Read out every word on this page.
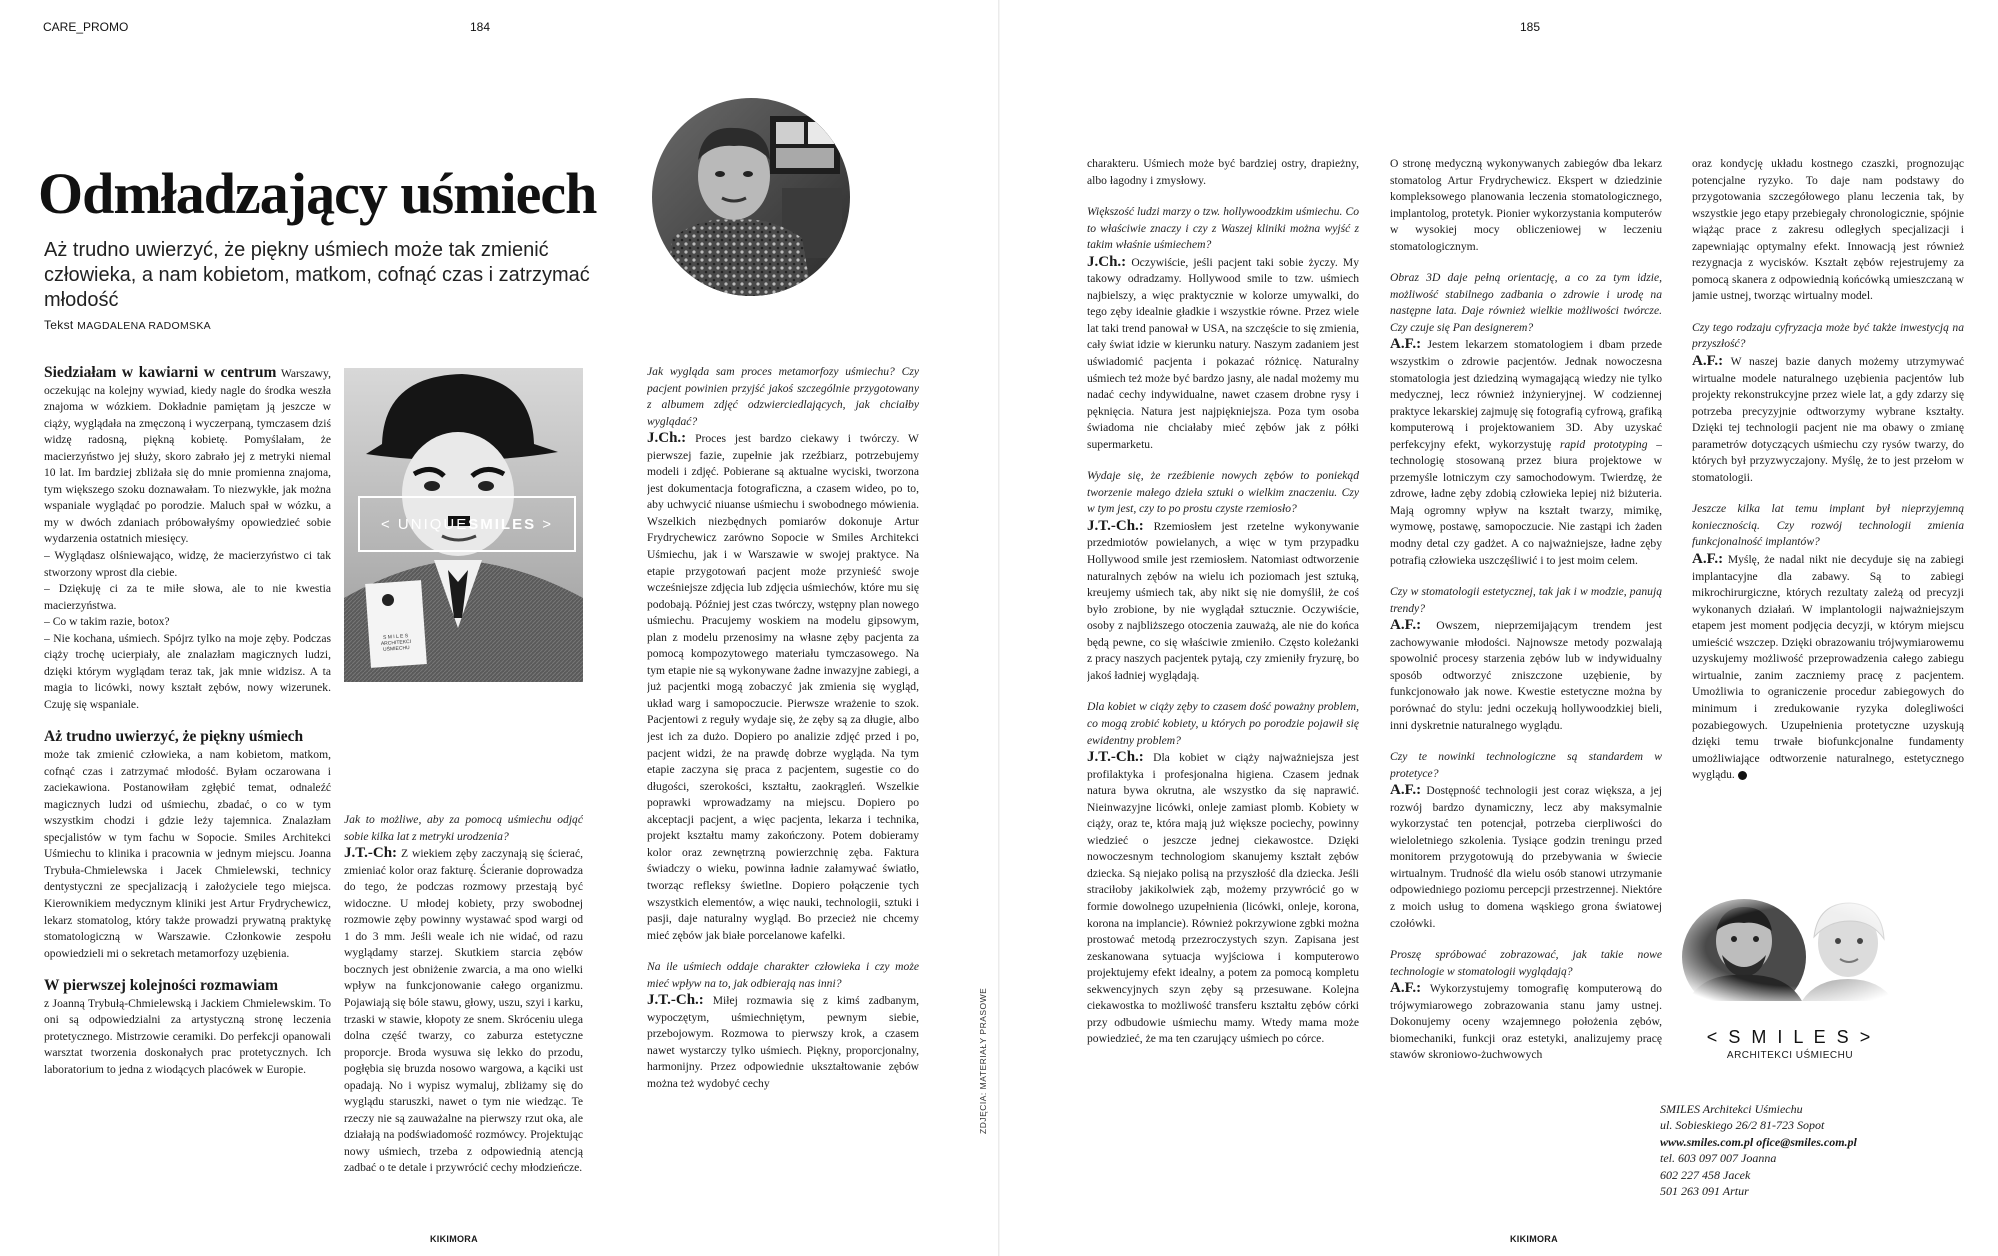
CARE_PROMO	184	185
Odmładzający uśmiech
Aż trudno uwierzyć, że piękny uśmiech może tak zmienić człowieka, a nam kobietom, matkom, cofnąć czas i zatrzymać młodość
Tekst MAGDALENA RADOMSKA

Siedziałam w kawiarni w centrum Warszawy, oczekując na kolejny wywiad, kiedy nagle do środka weszła znajoma w wózkiem. Dokładnie pamiętam ją jeszcze w ciąży, wyglądała na zmęczoną i wyczerpaną, tymczasem dziś widzę radosną, piękną kobietę. Pomyślałam, że macierzyństwo jej służy, skoro zabrało jej z metryki niemal 10 lat. Im bardziej zbliżała się do mnie promienna znajoma, tym większego szoku doznawałam. To niezwykłe, jak można wspaniale wyglądać po porodzie. Maluch spał w wózku, a my w dwóch zdaniach próbowałyśmy opowiedzieć sobie wydarzenia ostatnich miesięcy.

– Wyglądasz olśniewająco, widzę, że macierzyństwo ci tak stworzony wprost dla ciebie.

– Dziękuję ci za te miłe słowa, ale to nie kwestia macierzyństwa.

– Co w takim razie, botox?

– Nie kochana, uśmiech. Spójrz tylko na moje zęby. Podczas ciąży trochę ucierpiały, ale znalazłam magicznych ludzi, dzięki którym wyglądam teraz tak, jak mnie widzisz. A ta magia to licówki, nowy kształt zębów, nowy wizerunek. Czuję się wspaniale.

Aż trudno uwierzyć, że piękny uśmiech
może tak zmienić człowieka, a nam kobietom, matkom, cofnąć czas i zatrzymać młodość. Byłam oczarowana i zaciekawiona. Postanowiłam zgłębić temat, odnaleźć magicznych ludzi od uśmiechu, zbadać, o co w tym wszystkim chodzi i gdzie leży tajemnica. Znalazłam specjalistów w tym fachu w Sopocie. Smiles Architekci Uśmiechu to klinika i pracownia w jednym miejscu. Joanna Trybuła-Chmielewska i Jacek Chmielewski, technicy dentystyczni ze specjalizacją i założyciele tego miejsca. Kierownikiem medycznym kliniki jest Artur Frydrychewicz, lekarz stomatolog, który także prowadzi prywatną praktykę stomatologiczną w Warszawie. Członkowie zespołu opowiedzieli mi o sekretach metamorfozy uzębienia.

W pierwszej kolejności rozmawiam
z Joanną Trybułą-Chmielewską i Jackiem Chmielewskim. To oni są odpowiedzialni za artystyczną stronę leczenia protetycznego. Mistrzowie ceramiki. Do perfekcji opanowali warsztat tworzenia doskonałych prac protetycznych. Ich laboratorium to jedna z wiodących placówek w Europie.

< UNIQUE SMILES >
S M I L E S
ARCHITEKCI UŚMIECHU

Jak to możliwe, aby za pomocą uśmiechu odjąć sobie kilka lat z metryki urodzenia?

J.T.-Ch: Z wiekiem zęby zaczynają się ścierać, zmieniać kolor oraz fakturę. Ścieranie doprowadza do tego, że podczas rozmowy przestają być widoczne. U młodej kobiety, przy swobodnej rozmowie zęby powinny wystawać spod wargi od 1 do 3 mm. Jeśli weale ich nie widać, od razu wyglądamy starzej. Skutkiem starcia zębów bocznych jest obniżenie zwarcia, a ma ono wielki wpływ na funkcjonowanie całego organizmu. Pojawiają się bóle stawu, głowy, uszu, szyi i karku, trzaski w stawie, kłopoty ze snem. Skróceniu ulega dolna część twarzy, co zaburza estetyczne proporcje. Broda wysuwa się lekko do przodu, pogłębia się bruzda nosowo wargowa, a kąciki ust opadają. No i wypisz wymaluj, zbliżamy się do wyglądu staruszki, nawet o tym nie wiedząc. Te rzeczy nie są zauważalne na pierwszy rzut oka, ale działają na podświadomość rozmówcy. Projektując nowy uśmiech, trzeba z odpowiednią atencją zadbać o te detale i przywrócić cechy młodzieńcze.

Jak wygląda sam proces metamorfozy uśmiechu? Czy pacjent powinien przyjść jakoś szczególnie przygotowany z albumem zdjęć odzwierciedlających, jak chciałby wyglądać?

J.Ch.: Proces jest bardzo ciekawy i twórczy. W pierwszej fazie, zupełnie jak rzeźbiarz, potrzebujemy modeli i zdjęć. Pobierane są aktualne wyciski, tworzona jest dokumentacja fotograficzna, a czasem wideo, po to, aby uchwycić niuanse uśmiechu i swobodnego mówienia. Wszelkich niezbędnych pomiarów dokonuje Artur Frydrychewicz zarówno Sopocie w Smiles Architekci Uśmiechu, jak i w Warszawie w swojej praktyce. Na etapie przygotowań pacjent może przynieść swoje wcześniejsze zdjęcia lub zdjęcia uśmiechów, które mu się podobają. Później jest czas twórczy, wstępny plan nowego uśmiechu. Pracujemy woskiem na modelu gipsowym, plan z modelu przenosimy na własne zęby pacjenta za pomocą kompozytowego materiału tymczasowego. Na tym etapie nie są wykonywane żadne inwazyjne zabiegi, a już pacjentki mogą zobaczyć jak zmienia się wygląd, układ warg i samopoczucie. Pierwsze wrażenie to szok. Pacjentowi z reguły wydaje się, że zęby są za długie, albo jest ich za dużo. Dopiero po analizie zdjęć przed i po, pacjent widzi, że na prawdę dobrze wygląda. Na tym etapie zaczyna się praca z pacjentem, sugestie co do długości, szerokości, kształtu, zaokrągleń. Wszelkie poprawki wprowadzamy na miejscu. Dopiero po akceptacji pacjent, a więc pacjenta, lekarza i technika, projekt kształtu mamy zakończony. Potem dobieramy kolor oraz zewnętrzną powierzchnię zęba. Faktura świadczy o wieku, powinna ładnie załamywać światło, tworząc refleksy świetlne. Dopiero połączenie tych wszystkich elementów, a więc nauki, technologii, sztuki i pasji, daje naturalny wygląd. Bo przecież nie chcemy mieć zębów jak białe porcelanowe kafelki.

Na ile uśmiech oddaje charakter człowieka i czy może mieć wpływ na to, jak odbierają nas inni?

J.T.-Ch.: Miłej rozmawia się z kimś zadbanym, wypoczętym, uśmiechniętym, pewnym siebie, przebojowym. Rozmowa to pierwszy krok, a czasem nawet wystarczy tylko uśmiech. Piękny, proporcjonalny, harmonijny. Przez odpowiednie ukształtowanie zębów można też wydobyć cechy	ZDJĘCIA: MATERIAŁY PRASOWE

charakteru. Uśmiech może być bardziej ostry, drapieżny, albo łagodny i zmysłowy.

Większość ludzi marzy o tzw. hollywoodzkim uśmiechu. Co to właściwie znaczy i czy z Waszej kliniki można wyjść z takim właśnie uśmiechem?

J.Ch.: Oczywiście, jeśli pacjent taki sobie życzy. My takowy odradzamy. Hollywood smile to tzw. uśmiech najbielszy, a więc praktycznie w kolorze umywalki, do tego zęby idealnie gładkie i wszystkie równe. Przez wiele lat taki trend panował w USA, na szczęście to się zmienia, cały świat idzie w kierunku natury. Naszym zadaniem jest uświadomić pacjenta i pokazać różnicę. Naturalny uśmiech też może być bardzo jasny, ale nadal możemy mu nadać cechy indywidualne, nawet czasem drobne rysy i pęknięcia. Natura jest najpiękniejsza. Poza tym osoba świadoma nie chciałaby mieć zębów jak z półki supermarketu.

Wydaje się, że rzeźbienie nowych zębów to poniekąd tworzenie małego dzieła sztuki o wielkim znaczeniu. Czy w tym jest, czy to po prostu czyste rzemiosło?

J.T.-Ch.: Rzemiosłem jest rzetelne wykonywanie przedmiotów powielanych, a więc w tym przypadku Hollywood smile jest rzemiosłem. Natomiast odtworzenie naturalnych zębów na wielu ich poziomach jest sztuką, kreujemy uśmiech tak, aby nikt się nie domyślił, że coś było zrobione, by nie wyglądał sztucznie. Oczywiście, osoby z najbliższego otoczenia zauważą, ale nie do końca będą pewne, co się właściwie zmieniło. Często koleżanki z pracy naszych pacjentek pytają, czy zmieniły fryzurę, bo jakoś ładniej wyglądają.

Dla kobiet w ciąży zęby to czasem dość poważny problem, co mogą zrobić kobiety, u których po porodzie pojawił się ewidentny problem?

J.T.-Ch.: Dla kobiet w ciąży najważniejsza jest profilaktyka i profesjonalna higiena. Czasem jednak natura bywa okrutna, ale wszystko da się naprawić. Nieinwazyjne licówki, onleje zamiast plomb. Kobiety w ciąży, oraz te, która mają już większe pociechy, powinny wiedzieć o jeszcze jednej ciekawostce. Dzięki nowoczesnym technologiom skanujemy kształt zębów dziecka. Są niejako polisą na przyszłość dla dziecka. Jeśli straciłoby jakikolwiek ząb, możemy przywrócić go w formie dowolnego uzupełnienia (licówki, onleje, korona, korona na implancie). Również pokrzywione zgbki można prostować metodą przezroczystych szyn. Zapisana jest zeskanowana sytuacja wyjściowa i komputerowo projektujemy efekt idealny, a potem za pomocą kompletu sekwencyjnych szyn zęby są przesuwane. Kolejna ciekawostka to możliwość transferu kształtu zębów córki przy odbudowie uśmiechu mamy. Wtedy mama może powiedzieć, że ma ten czarujący uśmiech po córce.

O stronę medyczną wykonywanych zabiegów dba lekarz stomatolog Artur Frydrychewicz. Ekspert w dziedzinie kompleksowego planowania leczenia stomatologicznego, implantolog, protetyk. Pionier wykorzystania komputerów w wysokiej mocy obliczeniowej w leczeniu stomatologicznym.

Obraz 3D daje pełną orientację, a co za tym idzie, możliwość stabilnego zadbania o zdrowie i urodę na następne lata. Daje również wielkie możliwości twórcze. Czy czuje się Pan designerem?

A.F.: Jestem lekarzem stomatologiem i dbam przede wszystkim o zdrowie pacjentów. Jednak nowoczesna stomatologia jest dziedziną wymagającą wiedzy nie tylko medycznej, lecz również inżynieryjnej. W codziennej praktyce lekarskiej zajmuję się fotografią cyfrową, grafiką komputerową i projektowaniem 3D. Aby uzyskać perfekcyjny efekt, wykorzystuję rapid prototyping – technologię stosowaną przez biura projektowe w przemyśle lotniczym czy samochodowym. Twierdzę, że zdrowe, ładne zęby zdobią człowieka lepiej niż biżuteria. Mają ogromny wpływ na kształt twarzy, mimikę, wymowę, postawę, samopoczucie. Nie zastąpi ich żaden modny detal czy gadżet. A co najważniejsze, ładne zęby potrafią człowieka uszczęśliwić i to jest moim celem.

Czy w stomatologii estetycznej, tak jak i w modzie, panują trendy?

A.F.: Owszem, nieprzemijającym trendem jest zachowywanie młodości. Najnowsze metody pozwalają spowolnić procesy starzenia zębów lub w indywidualny sposób odtworzyć zniszczone uzębienie, by funkcjonowało jak nowe. Kwestie estetyczne można by porównać do stylu: jedni oczekują hollywoodzkiej bieli, inni dyskretnie naturalnego wyglądu.

Czy te nowinki technologiczne są standardem w protetyce?

A.F.: Dostępność technologii jest coraz większa, a jej rozwój bardzo dynamiczny, lecz aby maksymalnie wykorzystać ten potencjał, potrzeba cierpliwości do wieloletniego szkolenia. Tysiące godzin treningu przed monitorem przygotowują do przebywania w świecie wirtualnym. Trudność dla wielu osób stanowi utrzymanie odpowiedniego poziomu percepcji przestrzennej. Niektóre z moich usług to domena wąskiego grona światowej czołówki.

Proszę spróbować zobrazować, jak takie nowe technologie w stomatologii wyglądają?

A.F.: Wykorzystujemy tomografię komputerową do trójwymiarowego zobrazowania stanu jamy ustnej. Dokonujemy oceny wzajemnego położenia zębów, biomechaniki, funkcji oraz estetyki, analizujemy pracę stawów skroniowo-żuchwowych

oraz kondycję układu kostnego czaszki, prognozując potencjalne ryzyko. To daje nam podstawy do przygotowania szczegółowego planu leczenia tak, by wszystkie jego etapy przebiegały chronologicznie, spójnie wiążąc prace z zakresu odległych specjalizacji i zapewniając optymalny efekt. Innowacją jest również rezygnacja z wycisków. Kształt zębów rejestrujemy za pomocą skanera z odpowiednią końcówką umieszczaną w jamie ustnej, tworząc wirtualny model.

Czy tego rodzaju cyfryzacja może być także inwestycją na przyszłość?

A.F.: W naszej bazie danych możemy utrzymywać wirtualne modele naturalnego uzębienia pacjentów lub projekty rekonstrukcyjne przez wiele lat, a gdy zdarzy się potrzeba precyzyjnie odtworzymy wybrane kształty. Dzięki tej technologii pacjent nie ma obawy o zmianę parametrów dotyczących uśmiechu czy rysów twarzy, do których był przyzwyczajony. Myślę, że to jest przełom w stomatologii.

Jeszcze kilka lat temu implant był nieprzyjemną koniecznością. Czy rozwój technologii zmienia funkcjonalność implantów?

A.F.: Myślę, że nadal nikt nie decyduje się na zabiegi implantacyjne dla zabawy. Są to zabiegi mikrochirurgiczne, których rezultaty zależą od precyzji wykonanych działań. W implantologii najważniejszym etapem jest moment podjęcia decyzji, w którym miejscu umieścić wszczep. Dzięki obrazowaniu trójwymiarowemu uzyskujemy możliwość przeprowadzenia całego zabiegu wirtualnie, zanim zaczniemy pracę z pacjentem. Umożliwia to ograniczenie procedur zabiegowych do minimum i zredukowanie ryzyka dolegliwości pozabiegowych. Uzupełnienia protetyczne uzyskują dzięki temu trwałe biofunkcjonalne fundamenty umożliwiające odtworzenie naturalnego, estetycznego wyglądu.

< S M I L E S >
ARCHITEKCI UŚMIECHU
SMILES Architekci Uśmiechu
ul. Sobieskiego 26/2 81-723 Sopot
www.smiles.com.pl ofice@smiles.com.pl
tel. 603 097 007 Joanna
602 227 458 Jacek
501 263 091 Artur
KIKIMORA	KIKIMORA
